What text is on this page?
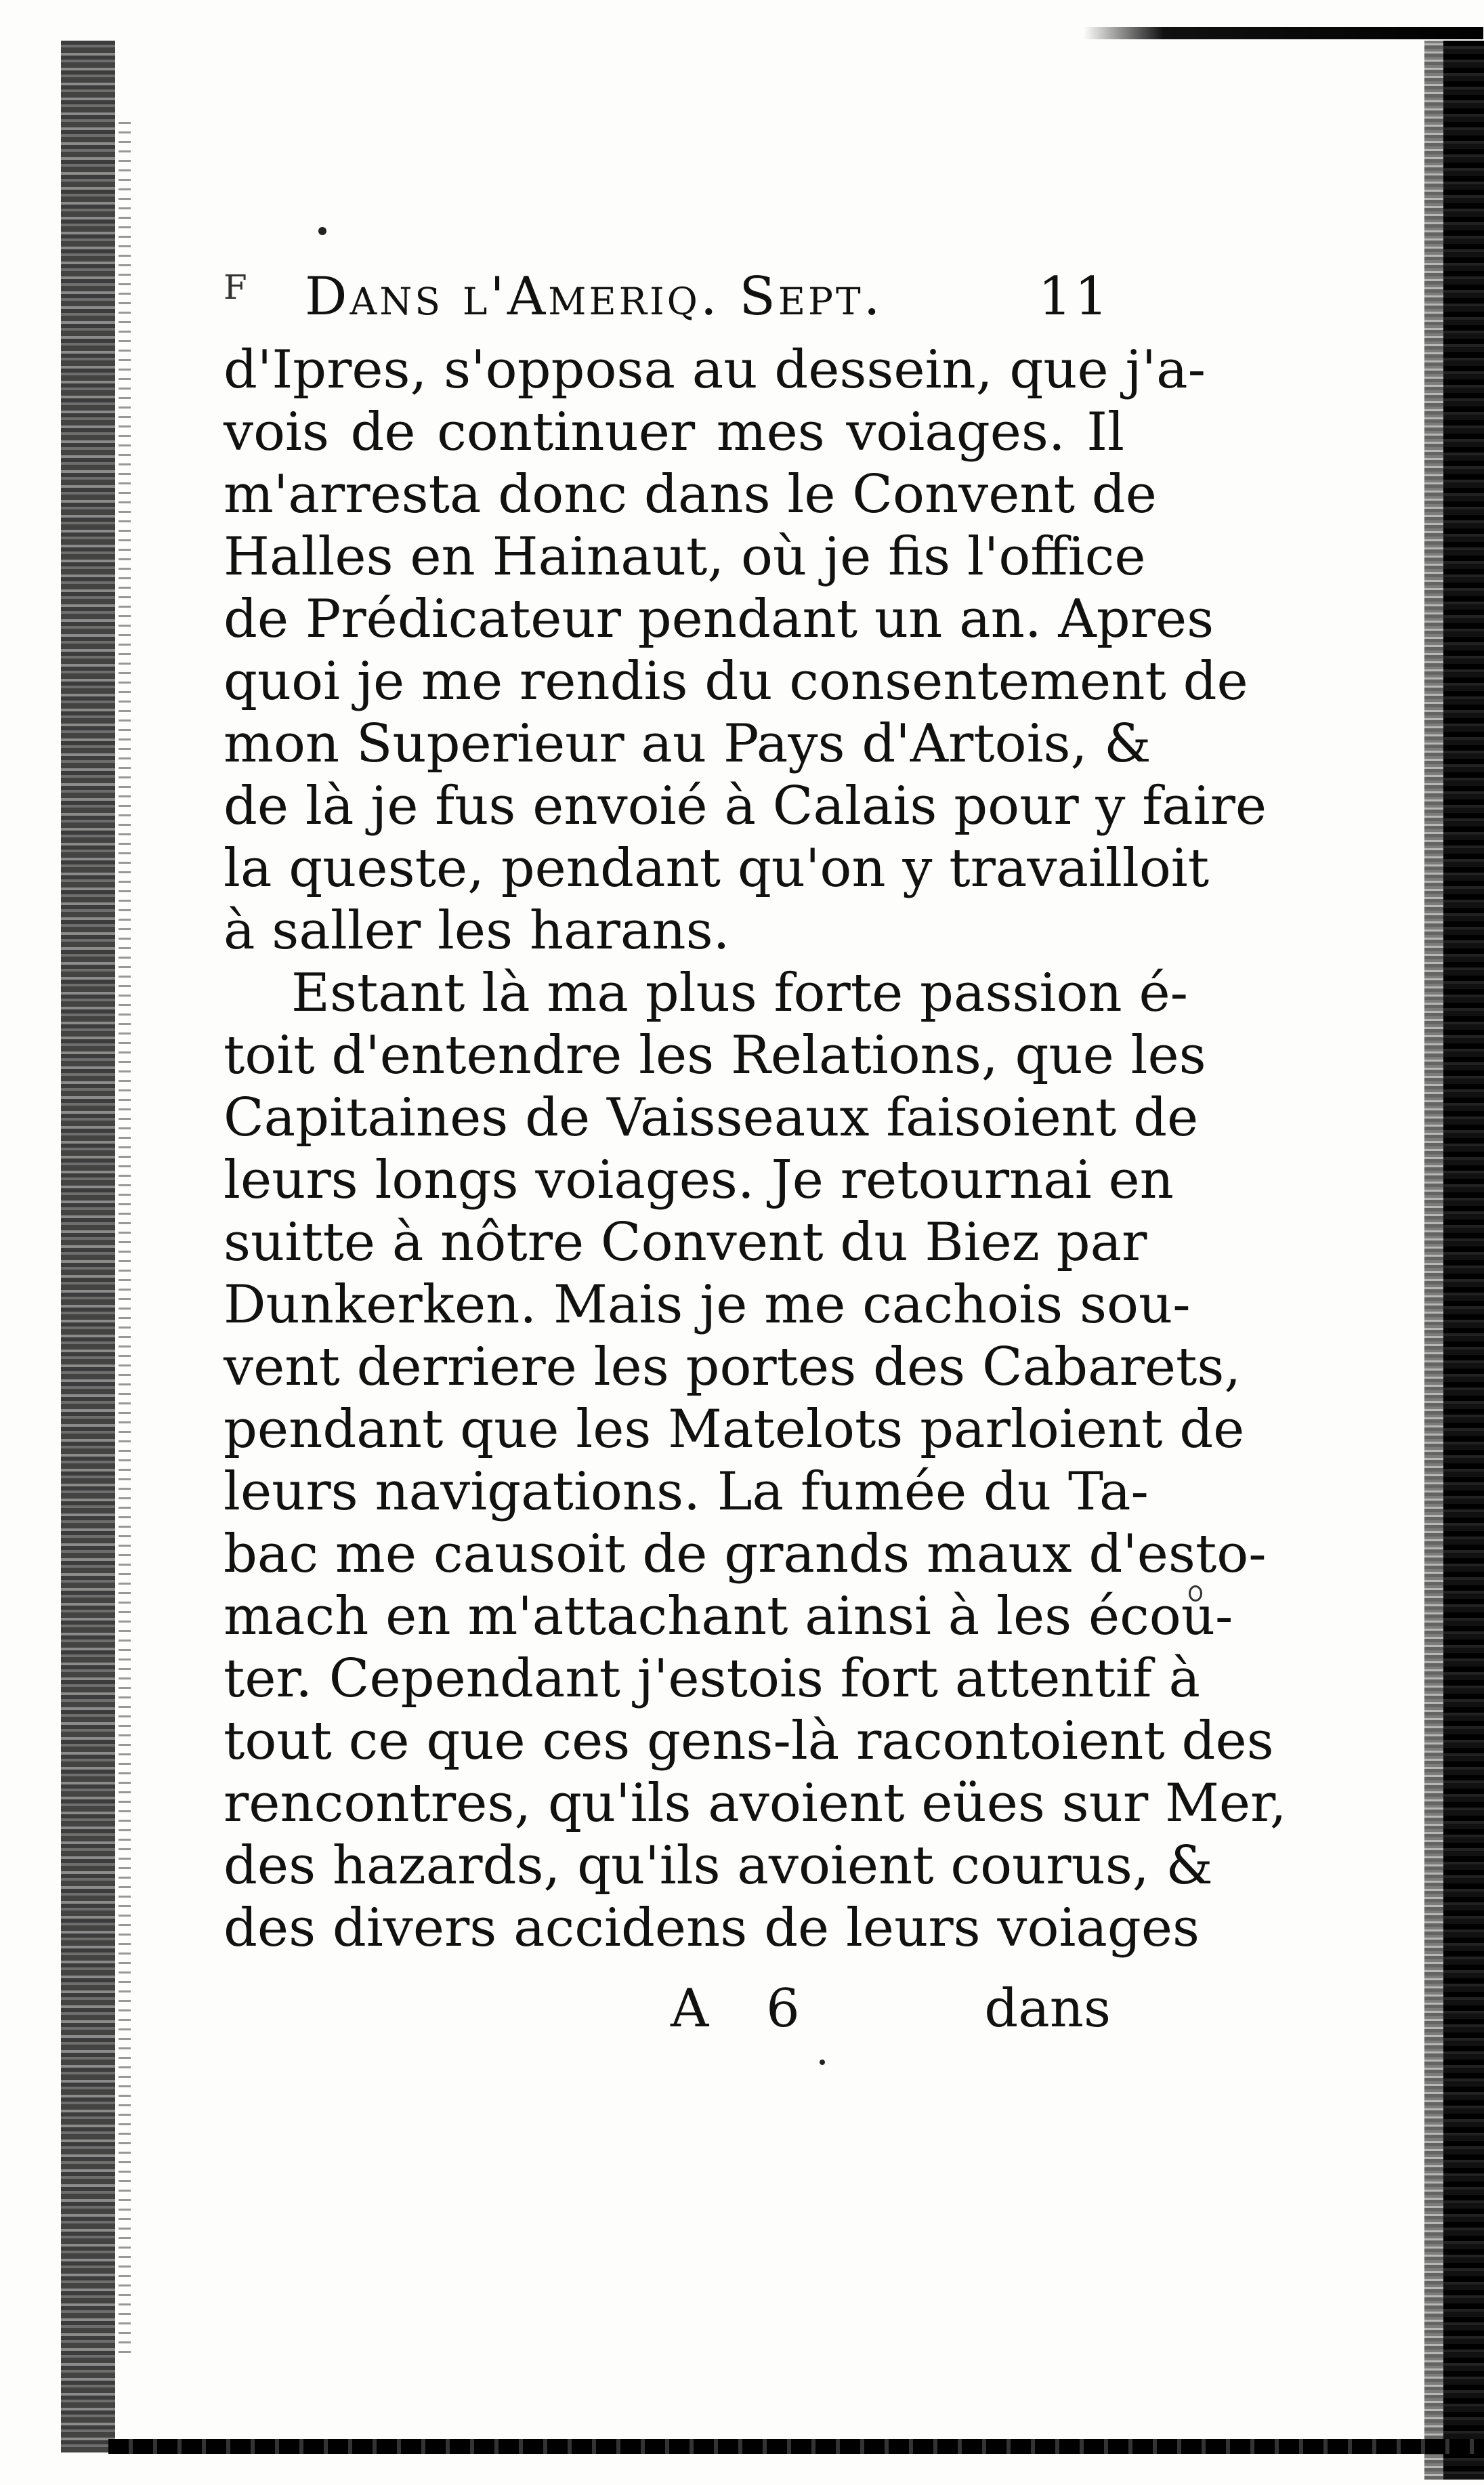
F Dans l'Ameriq. Sept.	11
d'Ipres, s'opposa au dessein, que j'a-
vois de continuer mes voiages. Il
m'arresta donc dans le Convent de
Halles en Hainaut, où je fis l'office
de Prédicateur pendant un an. Apres
quoi je me rendis du consentement de
mon Superieur au Pays d'Artois, &
de là je fus envoié à Calais pour y faire
la queste, pendant qu'on y travailloit
à saller les harans.
Estant là ma plus forte passion é-
toit d'entendre les Relations, que les
Capitaines de Vaisseaux faisoient de
leurs longs voiages. Je retournai en
suitte à nôtre Convent du Biez par
Dunkerken. Mais je me cachois sou-
vent derriere les portes des Cabarets,
pendant que les Matelots parloient de
leurs navigations. La fumée du Ta-
bac me causoit de grands maux d'esto-
mach en m'attachant ainsi à les écou-
ter. Cependant j'estois fort attentif à
tout ce que ces gens-là racontoient des
rencontres, qu'ils avoient eües sur Mer,
des hazards, qu'ils avoient courus, &
des divers accidens de leurs voiages
A 6	dans
